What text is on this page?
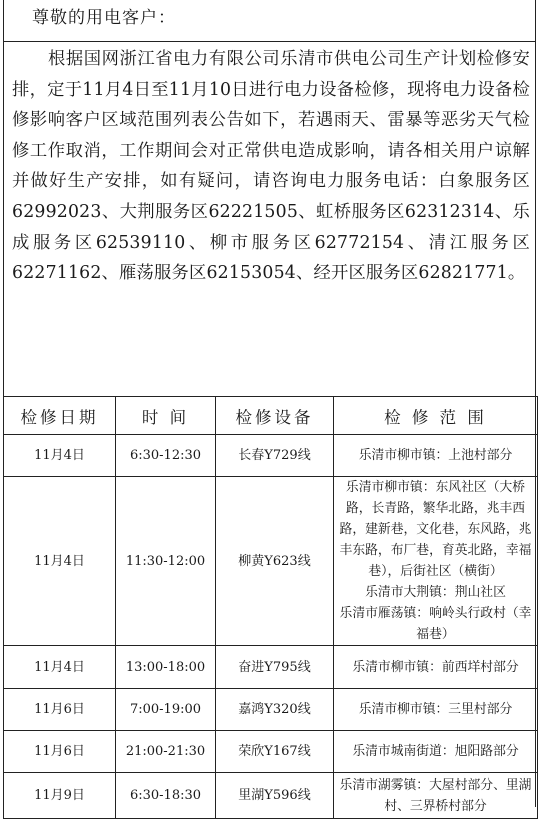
尊敬的用电客户：
根据国网浙江省电力有限公司乐清市供电公司生产计划检修安排，定于11月4日至11月10日进行电力设备检修，现将电力设备检修影响客户区域范围列表公告如下，若遇雨天、雷暴等恶劣天气检修工作取消，工作期间会对正常供电造成影响，请各相关用户谅解并做好生产安排，如有疑问，请咨询电力服务电话：白象服务区62992023、大荆服务区62221505、虹桥服务区62312314、乐成服务区62539110、柳市服务区62772154、清江服务区62271162、雁荡服务区62153054、经开区服务区62821771。
检修日期	时 间	检修设备	检 修 范 围
11月4日	6:30-12:30	长春Y729线	乐清市柳市镇：上池村部分

11月4日	11:30-12:00	柳黄Y623线	乐清市柳市镇：东风社区（大桥路，长青路，繁华北路，兆丰西路，建新巷，文化巷，东风路，兆丰东路，布厂巷，育英北路，幸福巷），后街社区（横街）
乐清市大荆镇：荆山社区
乐清市雁荡镇：响岭头行政村（幸福巷）

11月4日	13:00-18:00	奋进Y795线	乐清市柳市镇：前西垟村部分

11月6日	7:00-19:00	嘉鸿Y320线	乐清市柳市镇：三里村部分

11月6日	21:00-21:30	荣欣Y167线	乐清市城南街道：旭阳路部分

11月9日	6:30-18:30	里湖Y596线	乐清市湖雾镇：大屋村部分、里湖村、三界桥村部分
